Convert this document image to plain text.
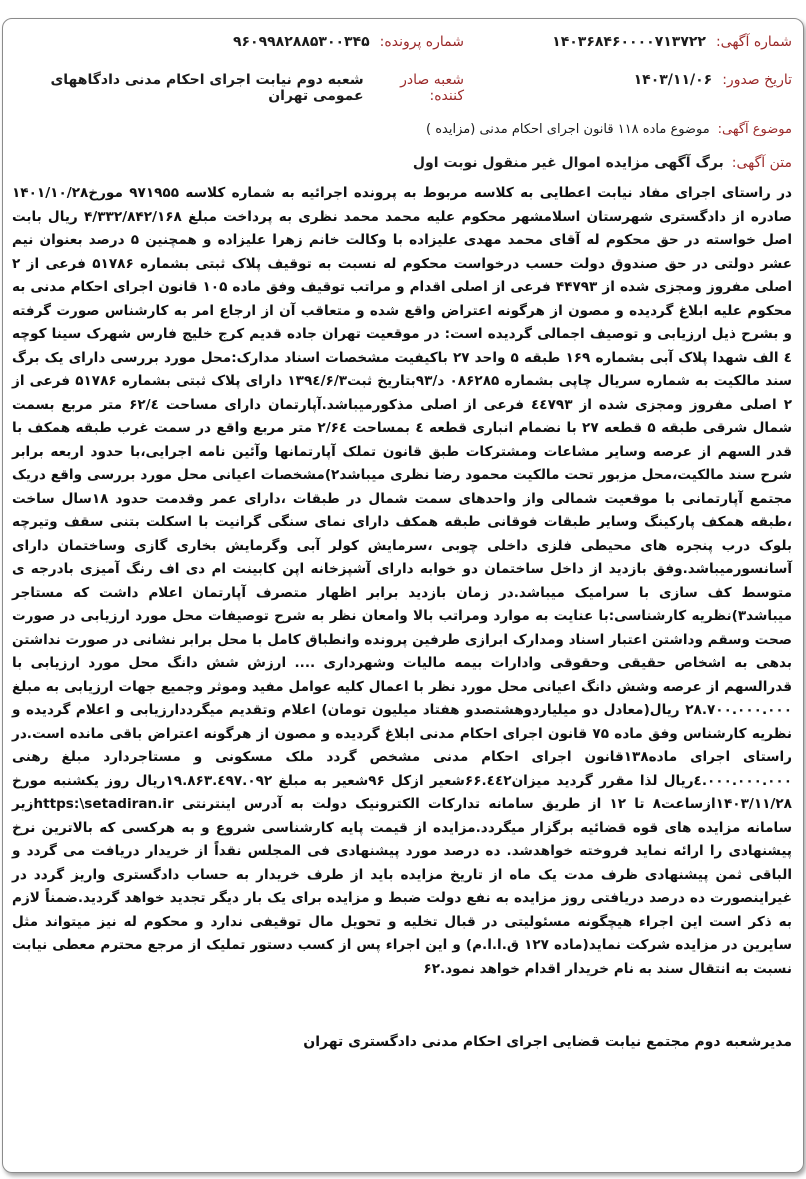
شماره آگهی:
۱۴۰۳۶۸۴۶۰۰۰۰۷۱۳۷۲۲
شماره پرونده:
۹۶۰۹۹۸۲۸۸۵۳۰۰۳۴۵
تاریخ صدور:
۱۴۰۳/۱۱/۰۶
شعبه صادر کننده:
شعبه دوم نیابت اجرای احکام مدنی دادگاههای عمومی تهران
موضوع آگهی:
موضوع ماده ۱۱۸ قانون اجرای احکام مدنی (مزایده )
متن آگهی:
برگ آگهی مزایده اموال غیر منقول نوبت اول
در راستای اجرای مفاد نیابت اعطایی به کلاسه مربوط به پرونده اجرائیه به شماره کلاسه ۹۷۱۹۵۵ مورخ۱۴۰۱/۱۰/۲۸ صادره از دادگستری شهرستان اسلامشهر محکوم علیه محمد محمد نظری به پرداخت مبلغ ۴/۳۳۲/۸۴۲/۱۶۸ ریال بابت اصل خواسته در حق محکوم له آقای محمد مهدی علیزاده با وکالت خانم زهرا علیزاده و همچنین ۵ درصد بعنوان نیم عشر دولتی در حق صندوق دولت حسب درخواست محکوم له نسبت به توقیف پلاک ثبتی بشماره ۵۱۷۸۶ فرعی از ۲ اصلی مفروز ومجزی شده از ۴۴۷۹۳ فرعی از اصلی اقدام و مراتب توقیف وفق ماده ۱۰۵ قانون اجرای احکام مدنی به محکوم علیه ابلاغ گردیده و مصون از هرگونه اعتراض واقع شده و متعاقب آن از ارجاع امر به کارشناس صورت گرفته و بشرح ذیل ارزیابی و توصیف اجمالی گردیده است: در موقعیت تهران جاده قدیم کرج خلیج فارس شهرک سینا کوچه ٤ الف شهدا پلاک آبی بشماره ۱۶۹ طبقه ۵ واحد ۲۷ باکیفیت مشخصات اسناد مدارک:محل مورد بررسی دارای یک برگ سند مالکیت به شماره سریال چاپی بشماره ۰۸۶۲۸۵ د/۹۳بتاریخ ثبت۱۳۹٤/۶/۳ دارای پلاک ثبتی بشماره ۵۱۷۸۶ فرعی از ۲ اصلی مفروز ومجزی شده از ٤٤۷۹۳ فرعی از اصلی مذکورمیباشد.آپارتمان دارای مساحت ۶۲/٤ متر مربع بسمت شمال شرقی طبقه ۵ قطعه ۲۷ با نضمام انباری قطعه ٤ بمساحت ۲/۶٤ متر مربع واقع در سمت غرب طبقه همکف با قدر السهم از عرصه وسایر مشاعات ومشترکات طبق قانون تملک آپارتمانها وآئین نامه اجرایی،با حدود اربعه برابر شرح سند مالکیت،محل مزبور تحت مالکیت محمود رضا نظری میباشد۲)مشخصات اعیانی محل مورد بررسی واقع دریک مجتمع آپارتمانی با موقعیت شمالی واز واحدهای سمت شمال در طبقات ،دارای عمر وقدمت حدود ۱۸سال ساخت ،طبقه همکف پارکینگ وسایر طبقات فوقانی طبقه همکف دارای نمای سنگی گرانیت با اسکلت بتنی سقف وتیرچه بلوک درب پنجره های محیطی فلزی داخلی چوبی ،سرمایش کولر آبی وگرمایش بخاری گازی وساختمان دارای آسانسورمیباشد.وفق بازدید از داخل ساختمان دو خوابه دارای آشپزخانه اپن کابینت ام دی اف رنگ آمیزی بادرجه ی متوسط کف سازی با سرامیک میباشد.در زمان بازدید برابر اظهار متصرف آپارتمان اعلام داشت که مستاجر میباشد۳)نظریه کارشناسی:با عنایت به موارد ومراتب بالا وامعان نظر به شرح توصیفات محل مورد ارزیابی در صورت صحت وسقم وداشتن اعتبار اسناد ومدارک ابرازی طرفین پرونده وانطباق کامل با محل برابر نشانی در صورت نداشتن بدهی به اشخاص حقیقی وحقوقی وادارات بیمه مالیات وشهرداری .... ارزش شش دانگ محل مورد ارزیابی با قدرالسهم از عرصه وشش دانگ اعیانی محل مورد نظر با اعمال کلیه عوامل مفید وموثر وجمیع جهات ارزیابی به مبلغ ۲۸.۷۰۰.۰۰۰.۰۰۰ ریال(معادل دو میلیاردوهشتصدو هفتاد میلیون تومان) اعلام وتقدیم میگرددارزیابی و اعلام گردیده و نظریه کارشناس وفق ماده ۷۵ قانون اجرای احکام مدنی ابلاغ گردیده و مصون از هرگونه اعتراض باقی مانده است.در راستای اجرای ماده۱۳۸قانون اجرای احکام مدنی مشخص گردد ملک مسکونی و مستاجردارد مبلغ رهنی ٤.۰۰۰.۰۰۰.۰۰۰ریال لذا مقرر گردید میزان۶۶.٤٤۲شعیر ازکل ۹۶شعیر به مبلغ ۱۹.۸۶۳.٤۹۷.۰۹۲ریال روز یکشنبه مورخ ۱۴۰۳/۱۱/۲۸ازساعت۸ تا ۱۲ از طریق سامانه تدارکات الکترونیک دولت به آدرس اینترنتی https:\setadiran.irزیر سامانه مزایده های قوه قضائیه برگزار میگردد.مزایده از قیمت پایه کارشناسی شروع و به هرکسی که بالاترین نرخ پیشنهادی را ارائه نماید فروخته خواهدشد. ده درصد مورد پیشنهادی فی المجلس نقداً از خریدار دریافت می گردد و الباقی ثمن پیشنهادی ظرف مدت یک ماه از تاریخ مزایده باید از طرف خریدار به حساب دادگستری واریز گردد در غیراینصورت ده درصد دریافتی روز مزایده به نفع دولت ضبط و مزایده برای یک بار دیگر تجدید خواهد گردید.ضمناً لازم به ذکر است این اجراء هیچگونه مسئولیتی در قبال تخلیه و تحویل مال توقیفی ندارد و محکوم له نیز میتواند مثل سایرین در مزایده شرکت نماید(ماده ۱۲۷ ق.ا.ا.م) و این اجراء پس از کسب دستور تملیک از مرجع محترم معطی نیابت نسبت به انتقال سند به نام خریدار اقدام خواهد نمود.۶۲
مدیرشعبه دوم مجتمع نیابت قضایی اجرای احکام مدنی دادگستری تهران
